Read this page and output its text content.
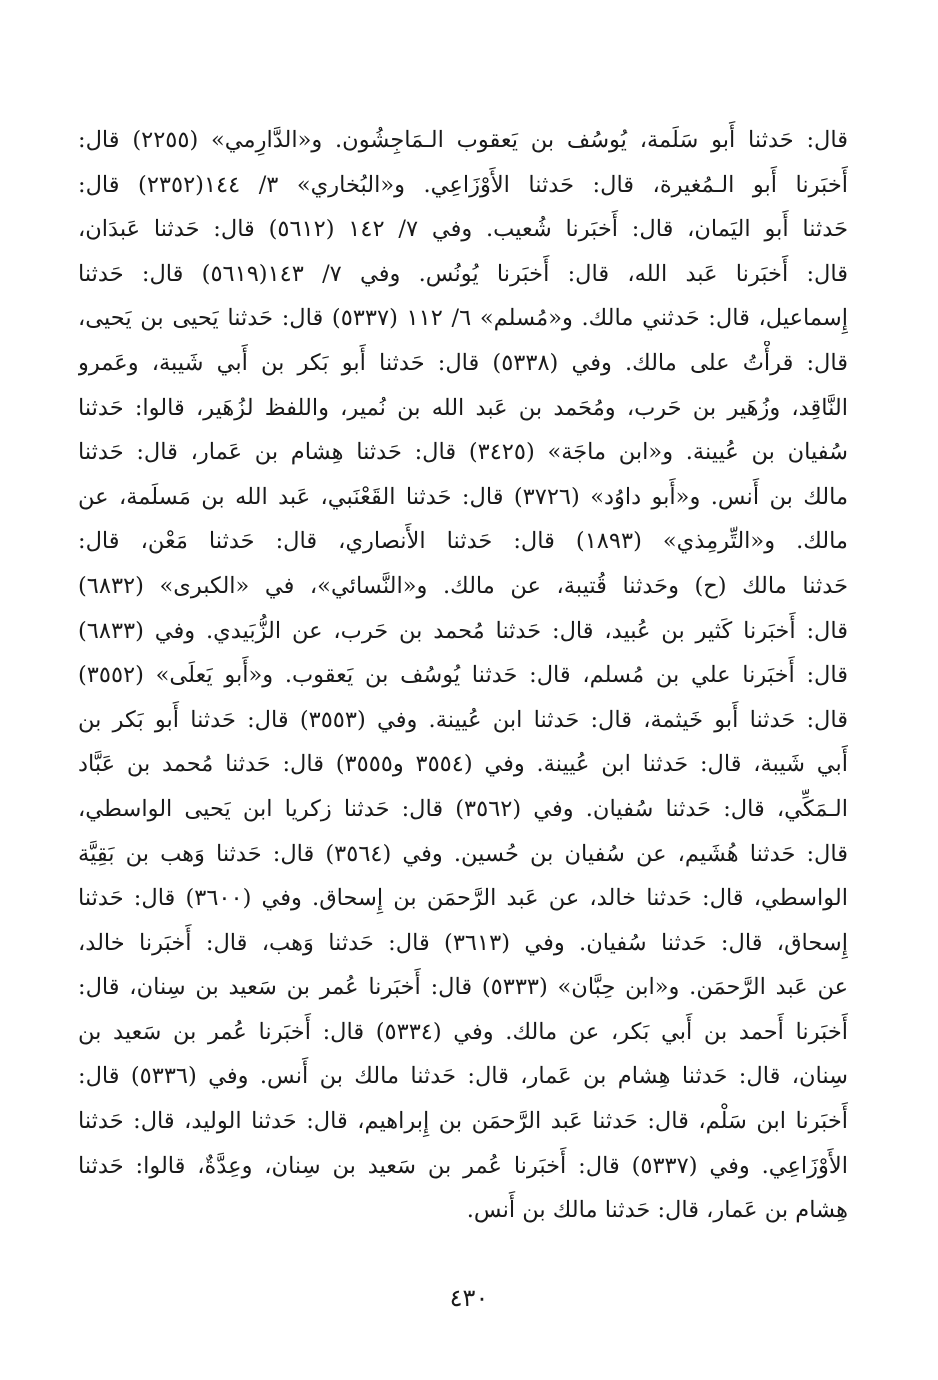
قال: حَدثنا أَبو سَلَمة، يُوسُف بن يَعقوب الـمَاجِشُون. و«الدَّارِمي» (٢٢٥٥) قال:
أَخبَرنا أَبو الـمُغيرة، قال: حَدثنا الأَوْزَاعِي. و«البُخاري» ٣/ ١٤٤(٢٣٥٢) قال:
حَدثنا أَبو اليَمان، قال: أَخبَرنا شُعيب. وفي ٧/ ١٤٢ (٥٦١٢) قال: حَدثنا عَبدَان،
قال: أَخبَرنا عَبد الله، قال: أَخبَرنا يُونُس. وفي ٧/ ١٤٣(٥٦١٩) قال: حَدثنا
إِسماعيل، قال: حَدثني مالك. و«مُسلم» ٦/ ١١٢ (٥٣٣٧) قال: حَدثنا يَحيى بن يَحيى،
قال: قرأْتُ على مالك. وفي (٥٣٣٨) قال: حَدثنا أَبو بَكر بن أَبي شَيبة، وعَمرو
النَّاقِد، وزُهَير بن حَرب، ومُحَمد بن عَبد الله بن نُمير، واللفظ لزُهَير، قالوا: حَدثنا
سُفيان بن عُيينة. و«ابن ماجَة» (٣٤٢٥) قال: حَدثنا هِشام بن عَمار، قال: حَدثنا
مالك بن أَنس. و«أَبو داوُد» (٣٧٢٦) قال: حَدثنا القَعْنَبي، عَبد الله بن مَسلَمة، عن
مالك. و«التِّرمِذي» (١٨٩٣) قال: حَدثنا الأَنصاري، قال: حَدثنا مَعْن، قال:
حَدثنا مالك (ح) وحَدثنا قُتيبة، عن مالك. و«النَّسائي»، في «الكبرى» (٦٨٣٢)
قال: أَخبَرنا كَثير بن عُبيد، قال: حَدثنا مُحمد بن حَرب، عن الزُّبَيدي. وفي (٦٨٣٣)
قال: أَخبَرنا علي بن مُسلم، قال: حَدثنا يُوسُف بن يَعقوب. و«أَبو يَعلَى» (٣٥٥٢)
قال: حَدثنا أَبو خَيثمة، قال: حَدثنا ابن عُيينة. وفي (٣٥٥٣) قال: حَدثنا أَبو بَكر بن
أَبي شَيبة، قال: حَدثنا ابن عُيينة. وفي (٣٥٥٤ و٣٥٥٥) قال: حَدثنا مُحمد بن عَبَّاد
الـمَكِّي، قال: حَدثنا سُفيان. وفي (٣٥٦٢) قال: حَدثنا زكريا ابن يَحيى الواسطي،
قال: حَدثنا هُشَيم، عن سُفيان بن حُسين. وفي (٣٥٦٤) قال: حَدثنا وَهب بن بَقِيَّة
الواسطي، قال: حَدثنا خالد، عن عَبد الرَّحمَن بن إِسحاق. وفي (٣٦٠٠) قال: حَدثنا
إِسحاق، قال: حَدثنا سُفيان. وفي (٣٦١٣) قال: حَدثنا وَهب، قال: أَخبَرنا خالد،
عن عَبد الرَّحمَن. و«ابن حِبَّان» (٥٣٣٣) قال: أَخبَرنا عُمر بن سَعيد بن سِنان، قال:
أَخبَرنا أَحمد بن أَبي بَكر، عن مالك. وفي (٥٣٣٤) قال: أَخبَرنا عُمر بن سَعيد بن
سِنان، قال: حَدثنا هِشام بن عَمار، قال: حَدثنا مالك بن أَنس. وفي (٥٣٣٦) قال:
أَخبَرنا ابن سَلْم، قال: حَدثنا عَبد الرَّحمَن بن إِبراهيم، قال: حَدثنا الوليد، قال: حَدثنا
الأَوْزَاعِي. وفي (٥٣٣٧) قال: أَخبَرنا عُمر بن سَعيد بن سِنان، وعِدَّةٌ، قالوا: حَدثنا
هِشام بن عَمار، قال: حَدثنا مالك بن أَنس.
٤٣٠
